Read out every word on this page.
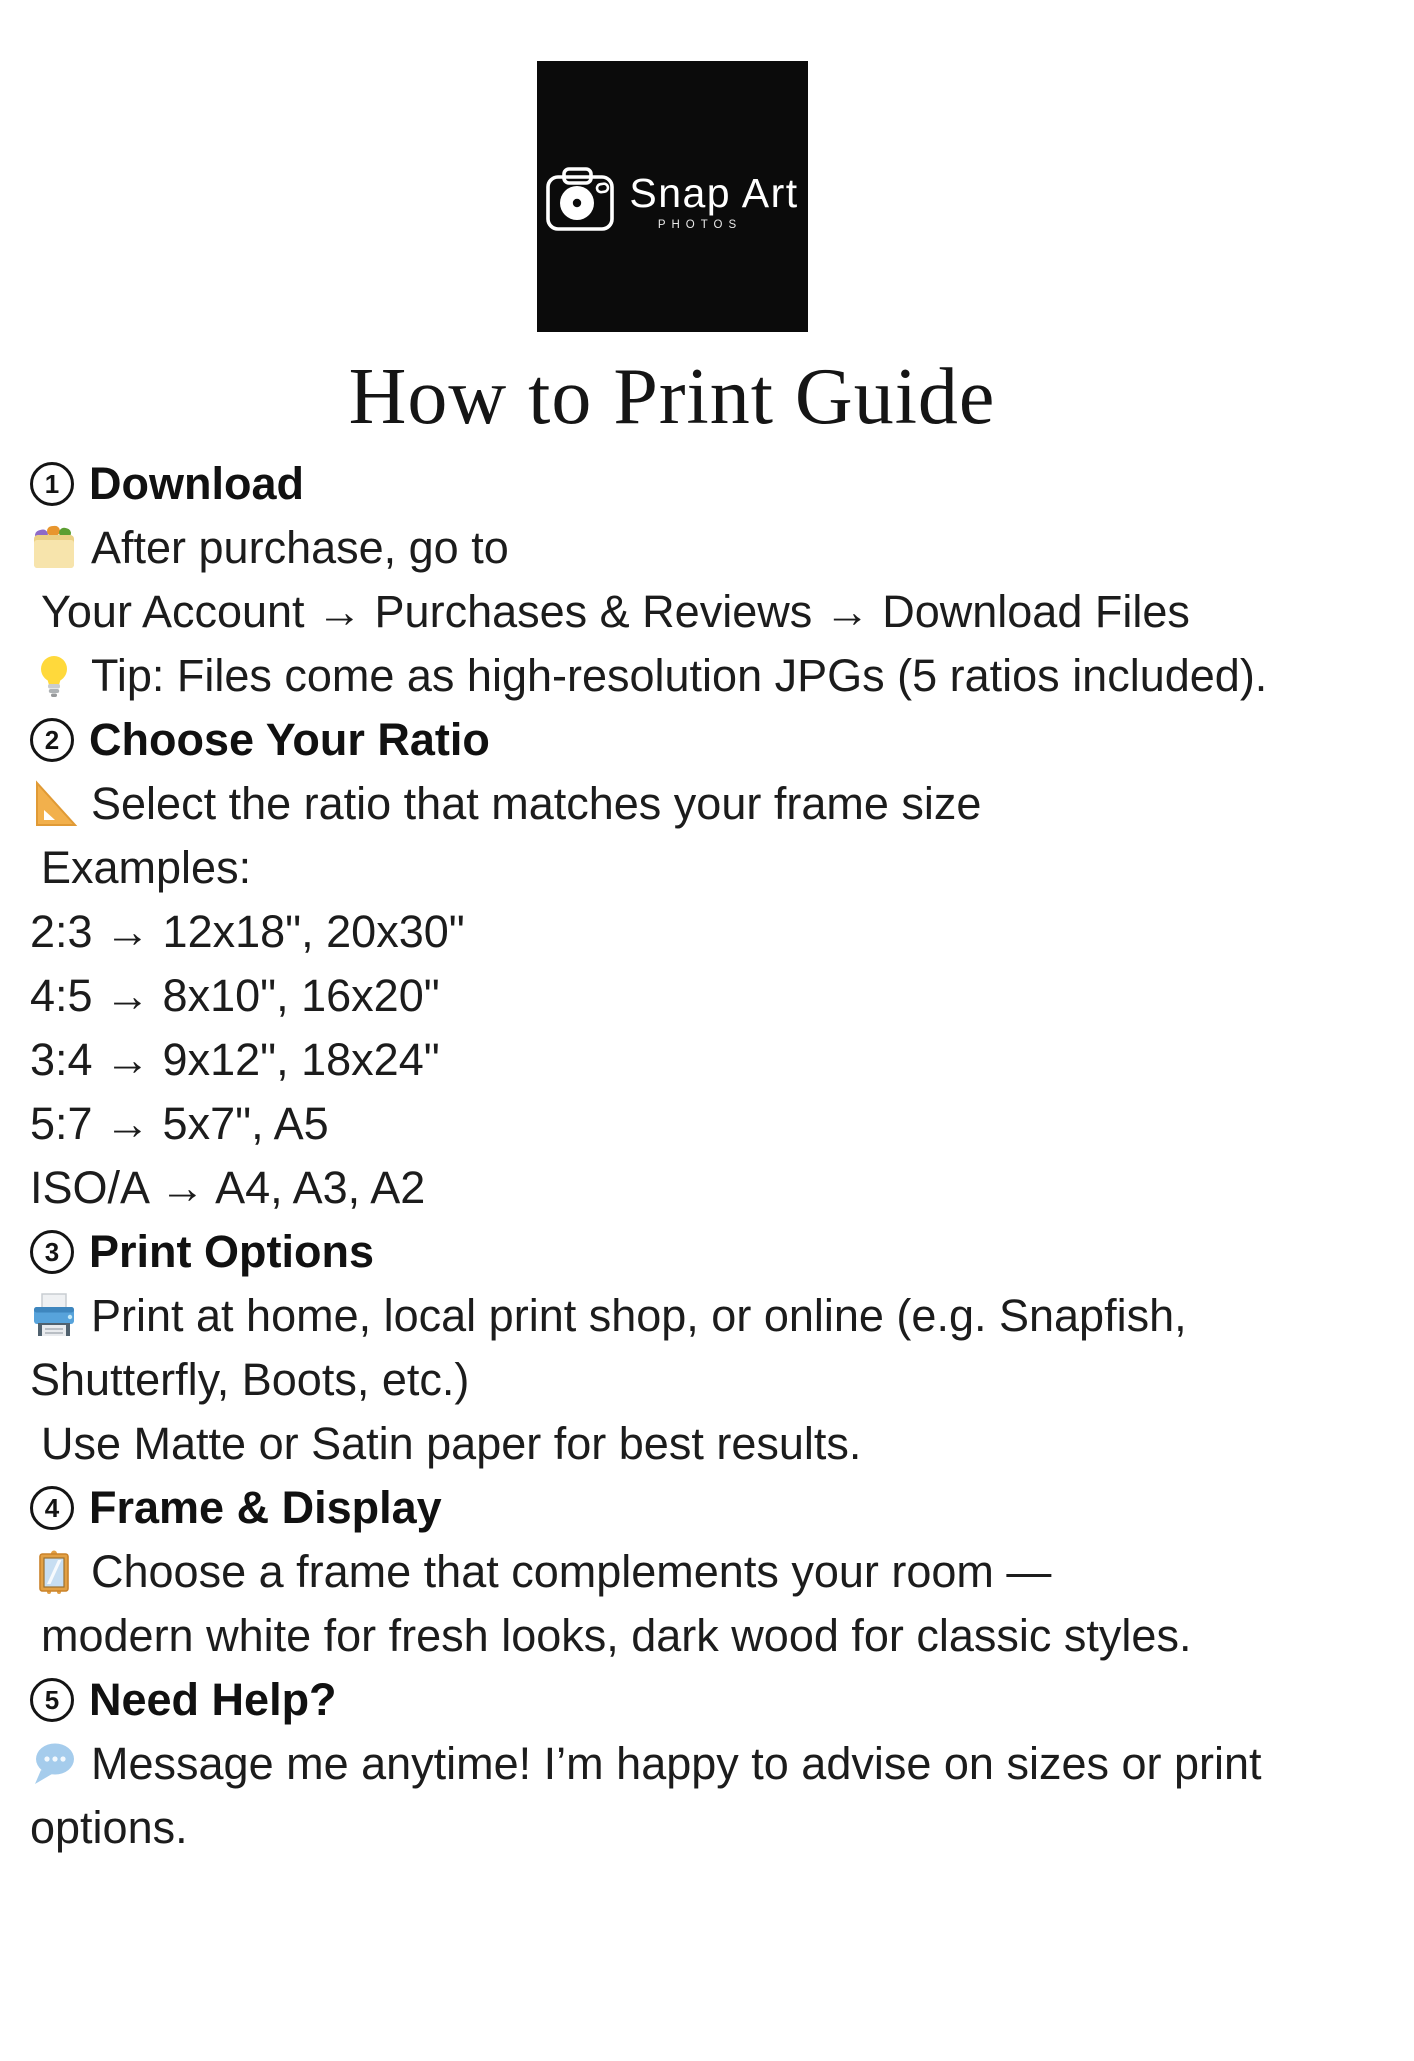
Snap Art
PHOTOS
How to Print Guide
1 Download
After purchase, go to
Your Account → Purchases & Reviews → Download Files
Tip: Files come as high-resolution JPGs (5 ratios included).
2 Choose Your Ratio
Select the ratio that matches your frame size
Examples:
2:3 → 12x18", 20x30"
4:5 → 8x10", 16x20"
3:4 → 9x12", 18x24"
5:7 → 5x7", A5
ISO/A → A4, A3, A2
3 Print Options
Print at home, local print shop, or online (e.g. Snapfish,
Shutterfly, Boots, etc.)
Use Matte or Satin paper for best results.
4 Frame & Display
Choose a frame that complements your room —
modern white for fresh looks, dark wood for classic styles.
5 Need Help?
Message me anytime! I’m happy to advise on sizes or print
options.
